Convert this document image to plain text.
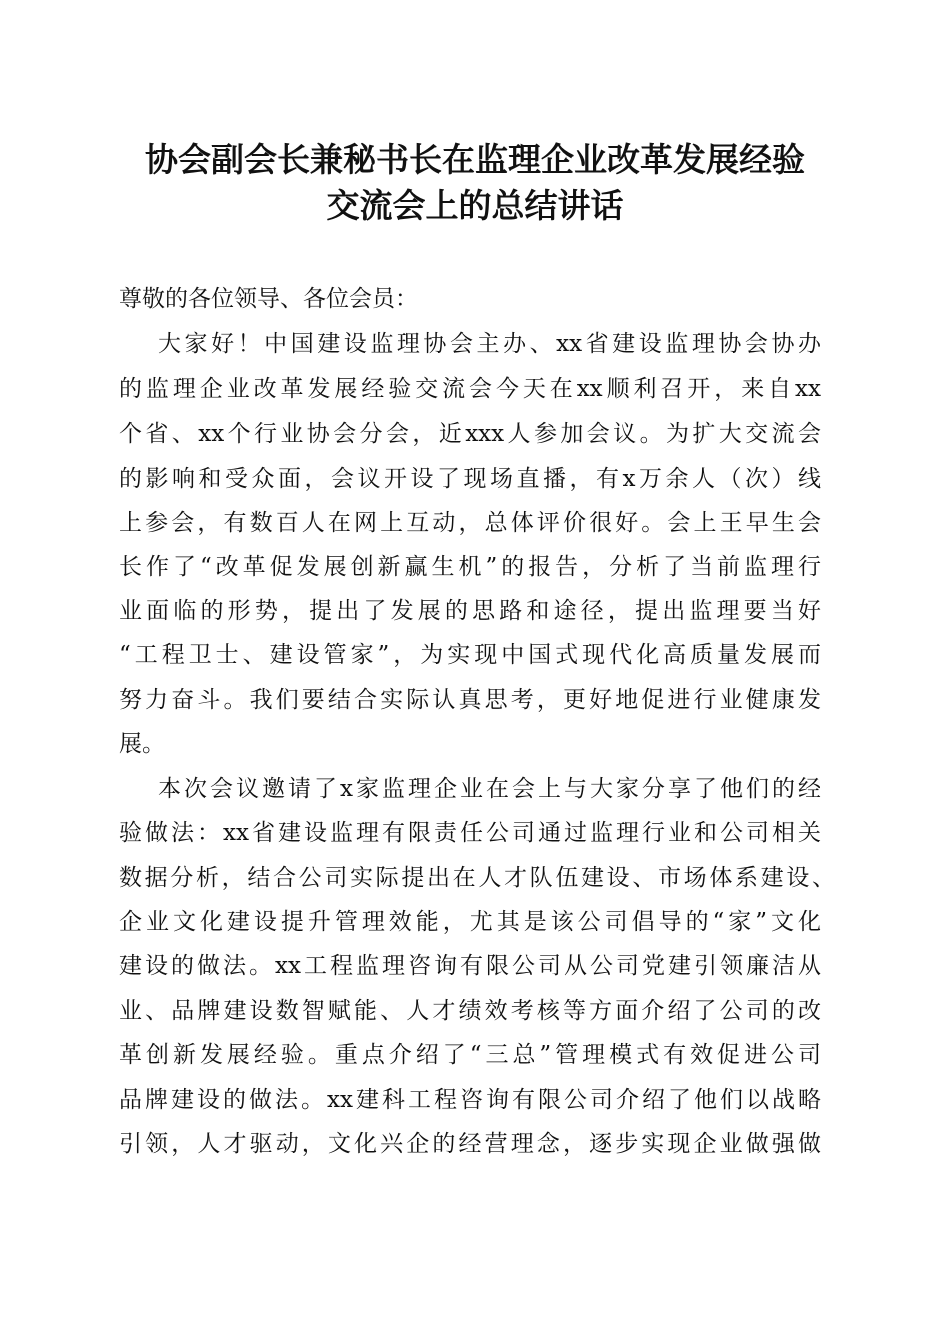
协会副会长兼秘书长在监理企业改革发展经验
交流会上的总结讲话

尊敬的各位领导、各位会员：

大家好！中国建设监理协会主办、xx省建设监理协会协办

的监理企业改革发展经验交流会今天在xx顺利召开，来自xx

个省、xx个行业协会分会，近xxx人参加会议。为扩大交流会

的影响和受众面，会议开设了现场直播，有x万余人（次）线

上参会，有数百人在网上互动，总体评价很好。会上王早生会

长作了“改革促发展创新赢生机”的报告，分析了当前监理行

业面临的形势，提出了发展的思路和途径，提出监理要当好

“工程卫士、建设管家”，为实现中国式现代化高质量发展而

努力奋斗。我们要结合实际认真思考，更好地促进行业健康发

展。

本次会议邀请了x家监理企业在会上与大家分享了他们的经

验做法：xx省建设监理有限责任公司通过监理行业和公司相关

数据分析，结合公司实际提出在人才队伍建设、市场体系建设、

企业文化建设提升管理效能，尤其是该公司倡导的“家”文化

建设的做法。xx工程监理咨询有限公司从公司党建引领廉洁从

业、品牌建设数智赋能、人才绩效考核等方面介绍了公司的改

革创新发展经验。重点介绍了“三总”管理模式有效促进公司

品牌建设的做法。xx建科工程咨询有限公司介绍了他们以战略

引领，人才驱动，文化兴企的经营理念，逐步实现企业做强做
